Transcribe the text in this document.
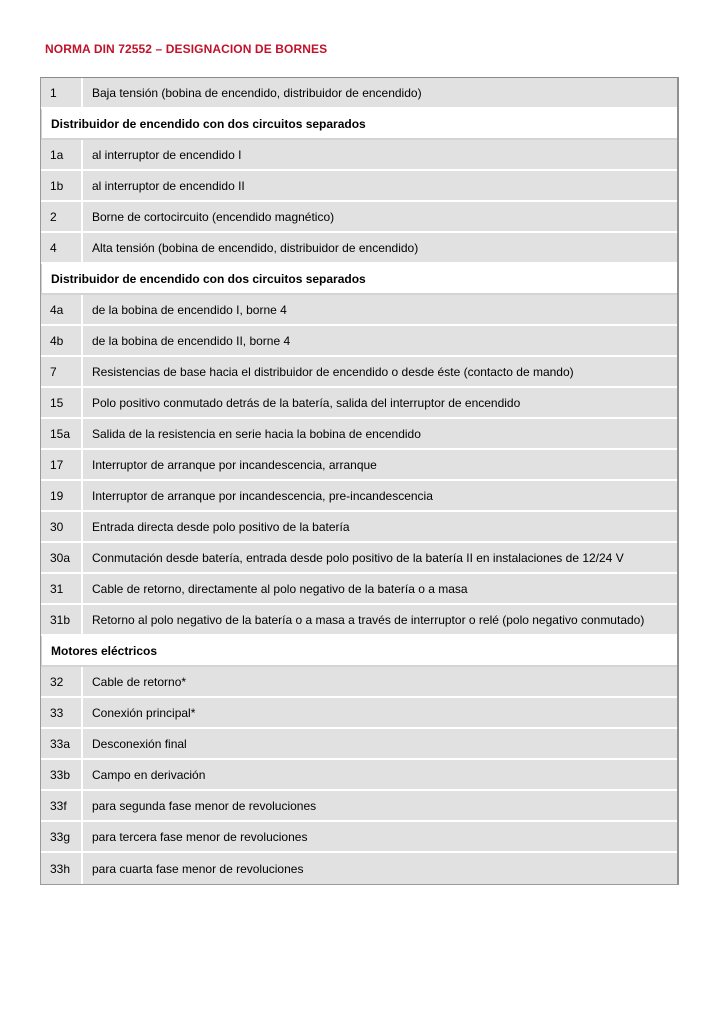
NORMA DIN 72552 – DESIGNACION DE BORNES
1	Baja tensión (bobina de encendido, distribuidor de encendido)
Distribuidor de encendido con dos circuitos separados	
1a	al interruptor de encendido I
1b	al interruptor de encendido II
2	Borne de cortocircuito (encendido magnético)
4	Alta tensión (bobina de encendido, distribuidor de encendido)
Distribuidor de encendido con dos circuitos separados	
4a	de la bobina de encendido I, borne 4
4b	de la bobina de encendido II, borne 4
7	Resistencias de base hacia el distribuidor de encendido o desde éste (contacto de mando)
15	Polo positivo conmutado detrás de la batería, salida del interruptor de encendido
15a	Salida de la resistencia en serie hacia la bobina de encendido
17	Interruptor de arranque por incandescencia, arranque
19	Interruptor de arranque por incandescencia, pre-incandescencia
30	Entrada directa desde polo positivo de la batería
30a	Conmutación desde batería, entrada desde polo positivo de la batería II en instalaciones de 12/24 V
31	Cable de retorno, directamente al polo negativo de la batería o a masa
31b	Retorno al polo negativo de la batería o a masa a través de interruptor o relé (polo negativo conmutado)
Motores eléctricos	
32	Cable de retorno*
33	Conexión principal*
33a	Desconexión final
33b	Campo en derivación
33f	para segunda fase menor de revoluciones
33g	para tercera fase menor de revoluciones
33h	para cuarta fase menor de revoluciones
